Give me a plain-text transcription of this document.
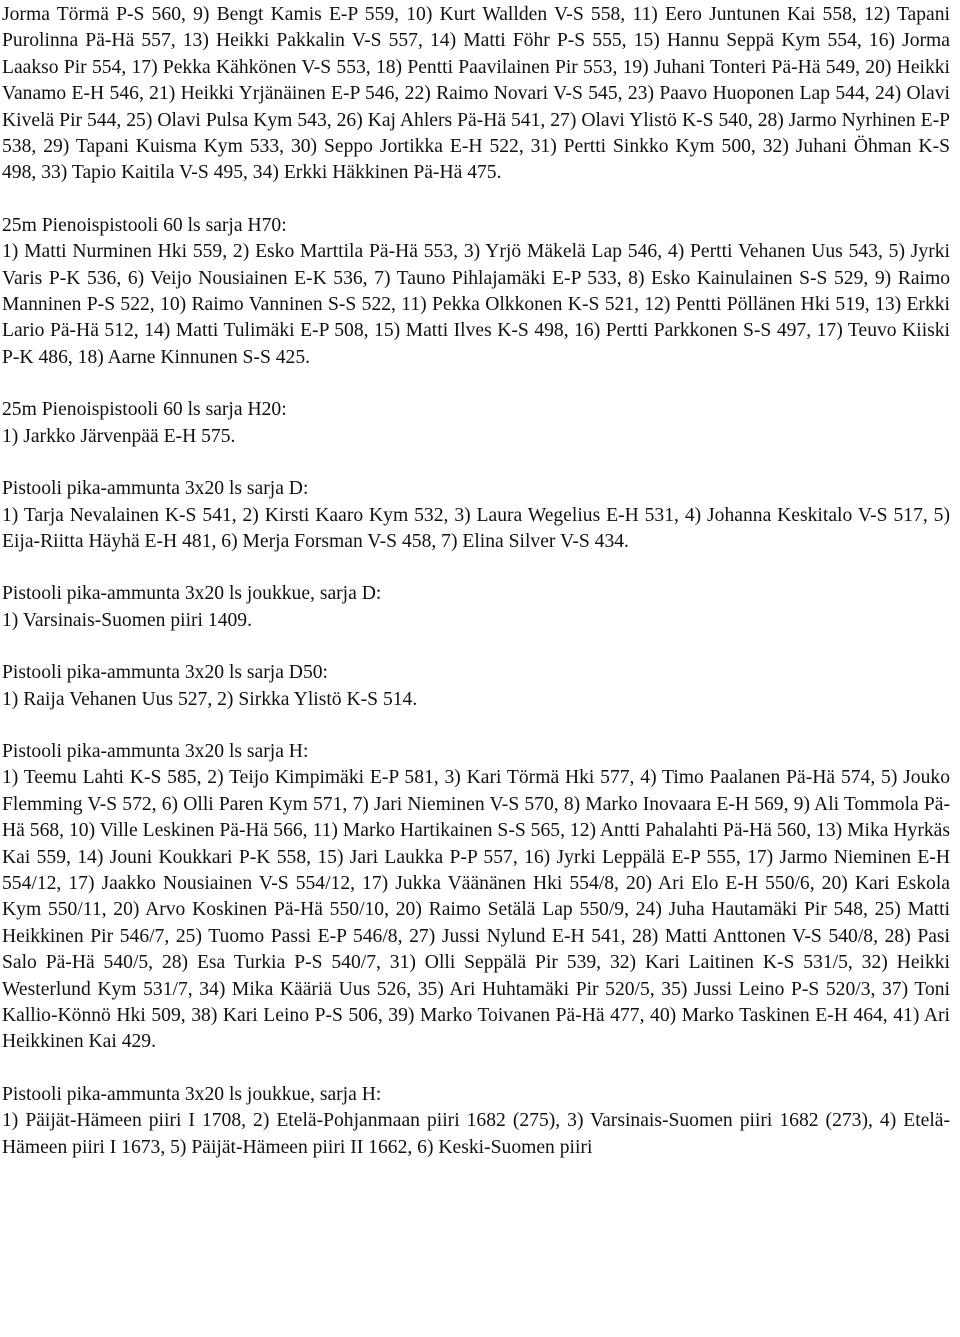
Jorma Törmä P-S 560, 9) Bengt Kamis E-P 559, 10) Kurt Wallden V-S 558, 11) Eero Juntunen Kai 558, 12) Tapani Purolinna Pä-Hä 557, 13) Heikki Pakkalin V-S 557, 14) Matti Föhr P-S 555, 15) Hannu Seppä Kym 554, 16) Jorma Laakso Pir 554, 17) Pekka Kähkönen V-S 553, 18) Pentti Paavilainen Pir 553, 19) Juhani Tonteri Pä-Hä 549, 20) Heikki Vanamo E-H 546, 21) Heikki Yrjänäinen E-P 546, 22) Raimo Novari V-S 545, 23) Paavo Huoponen Lap 544, 24) Olavi Kivelä Pir 544, 25) Olavi Pulsa Kym 543, 26) Kaj Ahlers Pä-Hä 541, 27) Olavi Ylistö K-S 540, 28) Jarmo Nyrhinen E-P 538, 29) Tapani Kuisma Kym 533, 30) Seppo Jortikka E-H 522, 31) Pertti Sinkko Kym 500, 32) Juhani Öhman K-S 498, 33) Tapio Kaitila V-S 495, 34) Erkki Häkkinen Pä-Hä 475.

25m Pienoispistooli 60 ls sarja H70:

1) Matti Nurminen Hki 559, 2) Esko Marttila Pä-Hä 553, 3) Yrjö Mäkelä Lap 546, 4) Pertti Vehanen Uus 543, 5) Jyrki Varis P-K 536, 6) Veijo Nousiainen E-K 536, 7) Tauno Pihlajamäki E-P 533, 8) Esko Kainulainen S-S 529, 9) Raimo Manninen P-S 522, 10) Raimo Vanninen S-S 522, 11) Pekka Olkkonen K-S 521, 12) Pentti Pöllänen Hki 519, 13) Erkki Lario Pä-Hä 512, 14) Matti Tulimäki E-P 508, 15) Matti Ilves K-S 498, 16) Pertti Parkkonen S-S 497, 17) Teuvo Kiiski P-K 486, 18) Aarne Kinnunen S-S 425.

25m Pienoispistooli 60 ls sarja H20:

1) Jarkko Järvenpää E-H 575.

Pistooli pika-ammunta 3x20 ls sarja D:

1) Tarja Nevalainen K-S 541, 2) Kirsti Kaaro Kym 532, 3) Laura Wegelius E-H 531, 4) Johanna Keskitalo V-S 517, 5) Eija-Riitta Häyhä E-H 481, 6) Merja Forsman V-S 458, 7) Elina Silver V-S 434.

Pistooli pika-ammunta 3x20 ls joukkue, sarja D:

1) Varsinais-Suomen piiri 1409.

Pistooli pika-ammunta 3x20 ls sarja D50:

1) Raija Vehanen Uus 527, 2) Sirkka Ylistö K-S 514.

Pistooli pika-ammunta 3x20 ls sarja H:

1) Teemu Lahti K-S 585, 2) Teijo Kimpimäki E-P 581, 3) Kari Törmä Hki 577, 4) Timo Paalanen Pä-Hä 574, 5) Jouko Flemming V-S 572, 6) Olli Paren Kym 571, 7) Jari Nieminen V-S 570, 8) Marko Inovaara E-H 569, 9) Ali Tommola Pä-Hä 568, 10) Ville Leskinen Pä-Hä 566, 11) Marko Hartikainen S-S 565, 12) Antti Pahalahti Pä-Hä 560, 13) Mika Hyrkäs Kai 559, 14) Jouni Koukkari P-K 558, 15) Jari Laukka P-P 557, 16) Jyrki Leppälä E-P 555, 17) Jarmo Nieminen E-H 554/12, 17) Jaakko Nousiainen V-S 554/12, 17) Jukka Väänänen Hki 554/8, 20) Ari Elo E-H 550/6, 20) Kari Eskola Kym 550/11, 20) Arvo Koskinen Pä-Hä 550/10, 20) Raimo Setälä Lap 550/9, 24) Juha Hautamäki Pir 548, 25) Matti Heikkinen Pir 546/7, 25) Tuomo Passi E-P 546/8, 27) Jussi Nylund E-H 541, 28) Matti Anttonen V-S 540/8, 28) Pasi Salo Pä-Hä 540/5, 28) Esa Turkia P-S 540/7, 31) Olli Seppälä Pir 539, 32) Kari Laitinen K-S 531/5, 32) Heikki Westerlund Kym 531/7, 34) Mika Kääriä Uus 526, 35) Ari Huhtamäki Pir 520/5, 35) Jussi Leino P-S 520/3, 37) Toni Kallio-Könnö Hki 509, 38) Kari Leino P-S 506, 39) Marko Toivanen Pä-Hä 477, 40) Marko Taskinen E-H 464, 41) Ari Heikkinen Kai 429.

Pistooli pika-ammunta 3x20 ls joukkue, sarja H:

1) Päijät-Hämeen piiri I 1708, 2) Etelä-Pohjanmaan piiri 1682 (275), 3) Varsinais-Suomen piiri 1682 (273), 4) Etelä-Hämeen piiri I 1673, 5) Päijät-Hämeen piiri II 1662, 6) Keski-Suomen piiri
